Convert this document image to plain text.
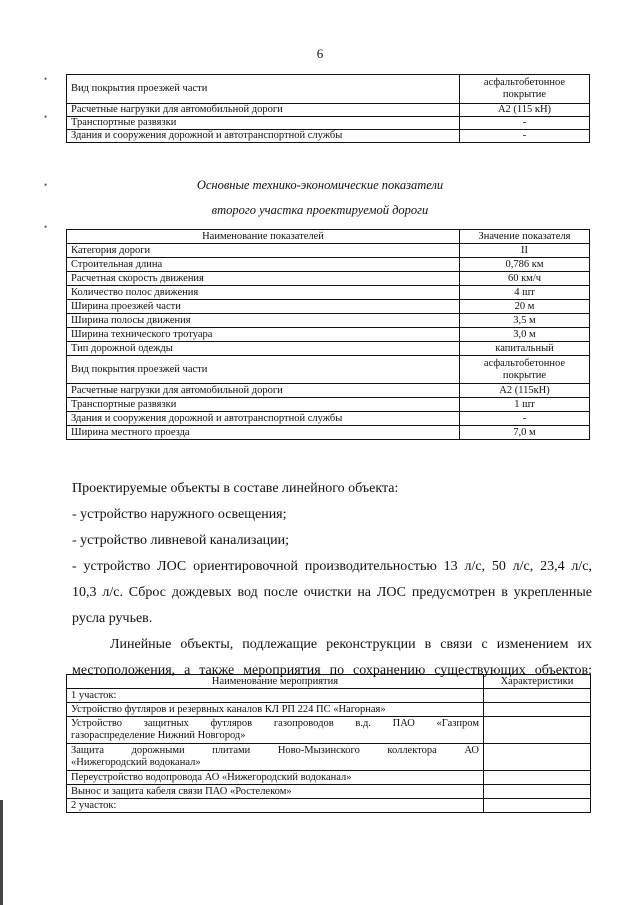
6
•
•
•
•
Вид покрытия проезжей части	асфальтобетонное
покрытие
Расчетные нагрузки для автомобильной дороги	А2 (115 кН)
Транспортные развязки	-
Здания и сооружения дорожной и автотранспортной службы	-
Основные технико-экономические показатели
второго участка проектируемой дороги
Наименование показателей	Значение показателя
Категория дороги	II
Строительная длина	0,786 км
Расчетная скорость движения	60 км/ч
Количество полос движения	4 шт
Ширина проезжей части	20 м
Ширина полосы движения	3,5 м
Ширина технического тротуара	3,0 м
Тип дорожной одежды	капитальный
Вид покрытия проезжей части	асфальтобетонное
покрытие
Расчетные нагрузки для автомобильной дороги	А2 (115кН)
Транспортные развязки	1 шт
Здания и сооружения дорожной и автотранспортной службы	-
Ширина местного проезда	7,0 м
Проектируемые объекты в составе линейного объекта:
- устройство наружного освещения;
- устройство ливневой канализации;
- устройство ЛОС ориентировочной производительностью 13 л/с, 50 л/с, 23,4 л/с,
10,3 л/с. Сброс дождевых вод после очистки на ЛОС предусмотрен в укрепленные
русла ручьев.
Линейные объекты, подлежащие реконструкции в связи с изменением их
местоположения, а также мероприятия по сохранению существующих объектов:
Наименование мероприятия	Характеристики
1 участок:	
Устройство футляров и резервных каналов КЛ РП 224 ПС «Нагорная»	

Устройство защитных футляров газопроводов в.д. ПАО «Газпром
газораспределение Нижний Новгород»	

Защита дорожными плитами Ново-Мызинского коллектора АО
«Нижегородский водоканал»	

Переустройство водопровода АО «Нижегородский водоканал»	
Вынос и защита кабеля связи ПАО «Ростелеком»	
2 участок:	
